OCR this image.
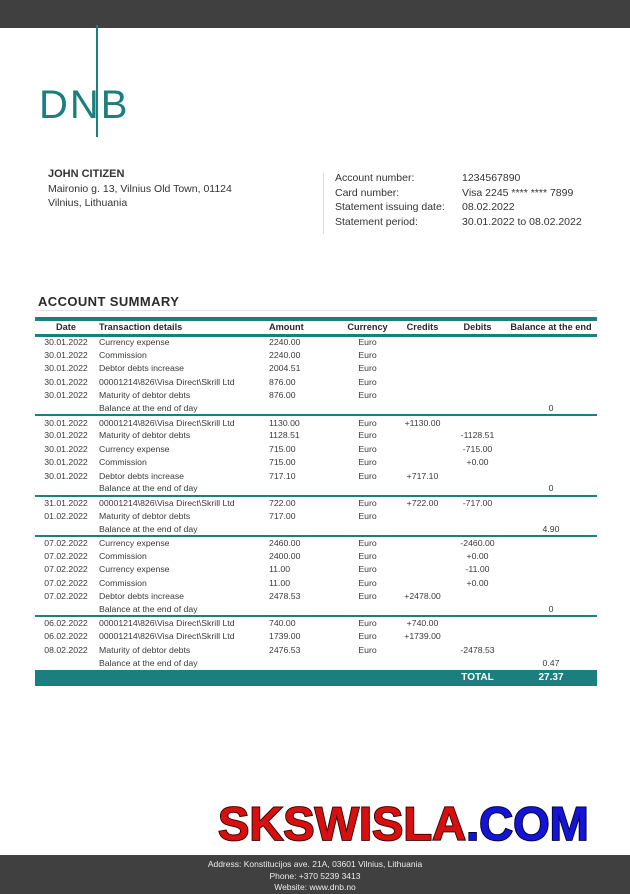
DNB
JOHN CITIZEN
Maironio g. 13, Vilnius Old Town, 01124
Vilnius, Lithuania
Account number:	1234567890
Card number:	Visa 2245 **** **** 7899
Statement issuing date:	08.02.2022
Statement period:	30.01.2022 to 08.02.2022
ACCOUNT SUMMARY
Date	Transaction details	Amount	Currency	Credits	Debits	Balance at the end
30.01.2022	Currency expense	2240.00	Euro			
30.01.2022	Commission	2240.00	Euro			
30.01.2022	Debtor debts increase	2004.51	Euro			
30.01.2022	00001214\826\Visa Direct\Skrill Ltd	876.00	Euro			
30.01.2022	Maturity of debtor debts	876.00	Euro			
	Balance at the end of day					0
30.01.2022	00001214\826\Visa Direct\Skrill Ltd	1130.00	Euro	+1130.00		
30.01.2022	Maturity of debtor debts	1128.51	Euro		-1128.51	
30.01.2022	Currency expense	715.00	Euro		-715.00	
30.01.2022	Commission	715.00	Euro		+0.00	
30.01.2022	Debtor debts increase	717.10	Euro	+717.10		
	Balance at the end of day					0
31.01.2022	00001214\826\Visa Direct\Skrill Ltd	722.00	Euro	+722.00	-717.00	
01.02.2022	Maturity of debtor debts	717.00	Euro			
	Balance at the end of day					4.90
07.02.2022	Currency expense	2460.00	Euro		-2460.00	
07.02.2022	Commission	2400.00	Euro		+0.00	
07.02.2022	Currency expense	11.00	Euro		-11.00	
07.02.2022	Commission	11.00	Euro		+0.00	
07.02.2022	Debtor debts increase	2478.53	Euro	+2478.00		
	Balance at the end of day					0
06.02.2022	00001214\826\Visa Direct\Skrill Ltd	740.00	Euro	+740.00		
06.02.2022	00001214\826\Visa Direct\Skrill Ltd	1739.00	Euro	+1739.00		
08.02.2022	Maturity of debtor debts	2476.53	Euro		-2478.53	
	Balance at the end of day					0.47
					TOTAL	27.37
SKSWISLA.COM
Address: Konstitucijos ave. 21A, 03601 Vilnius, Lithuania
Phone: +370 5239 3413
Website: www.dnb.no
